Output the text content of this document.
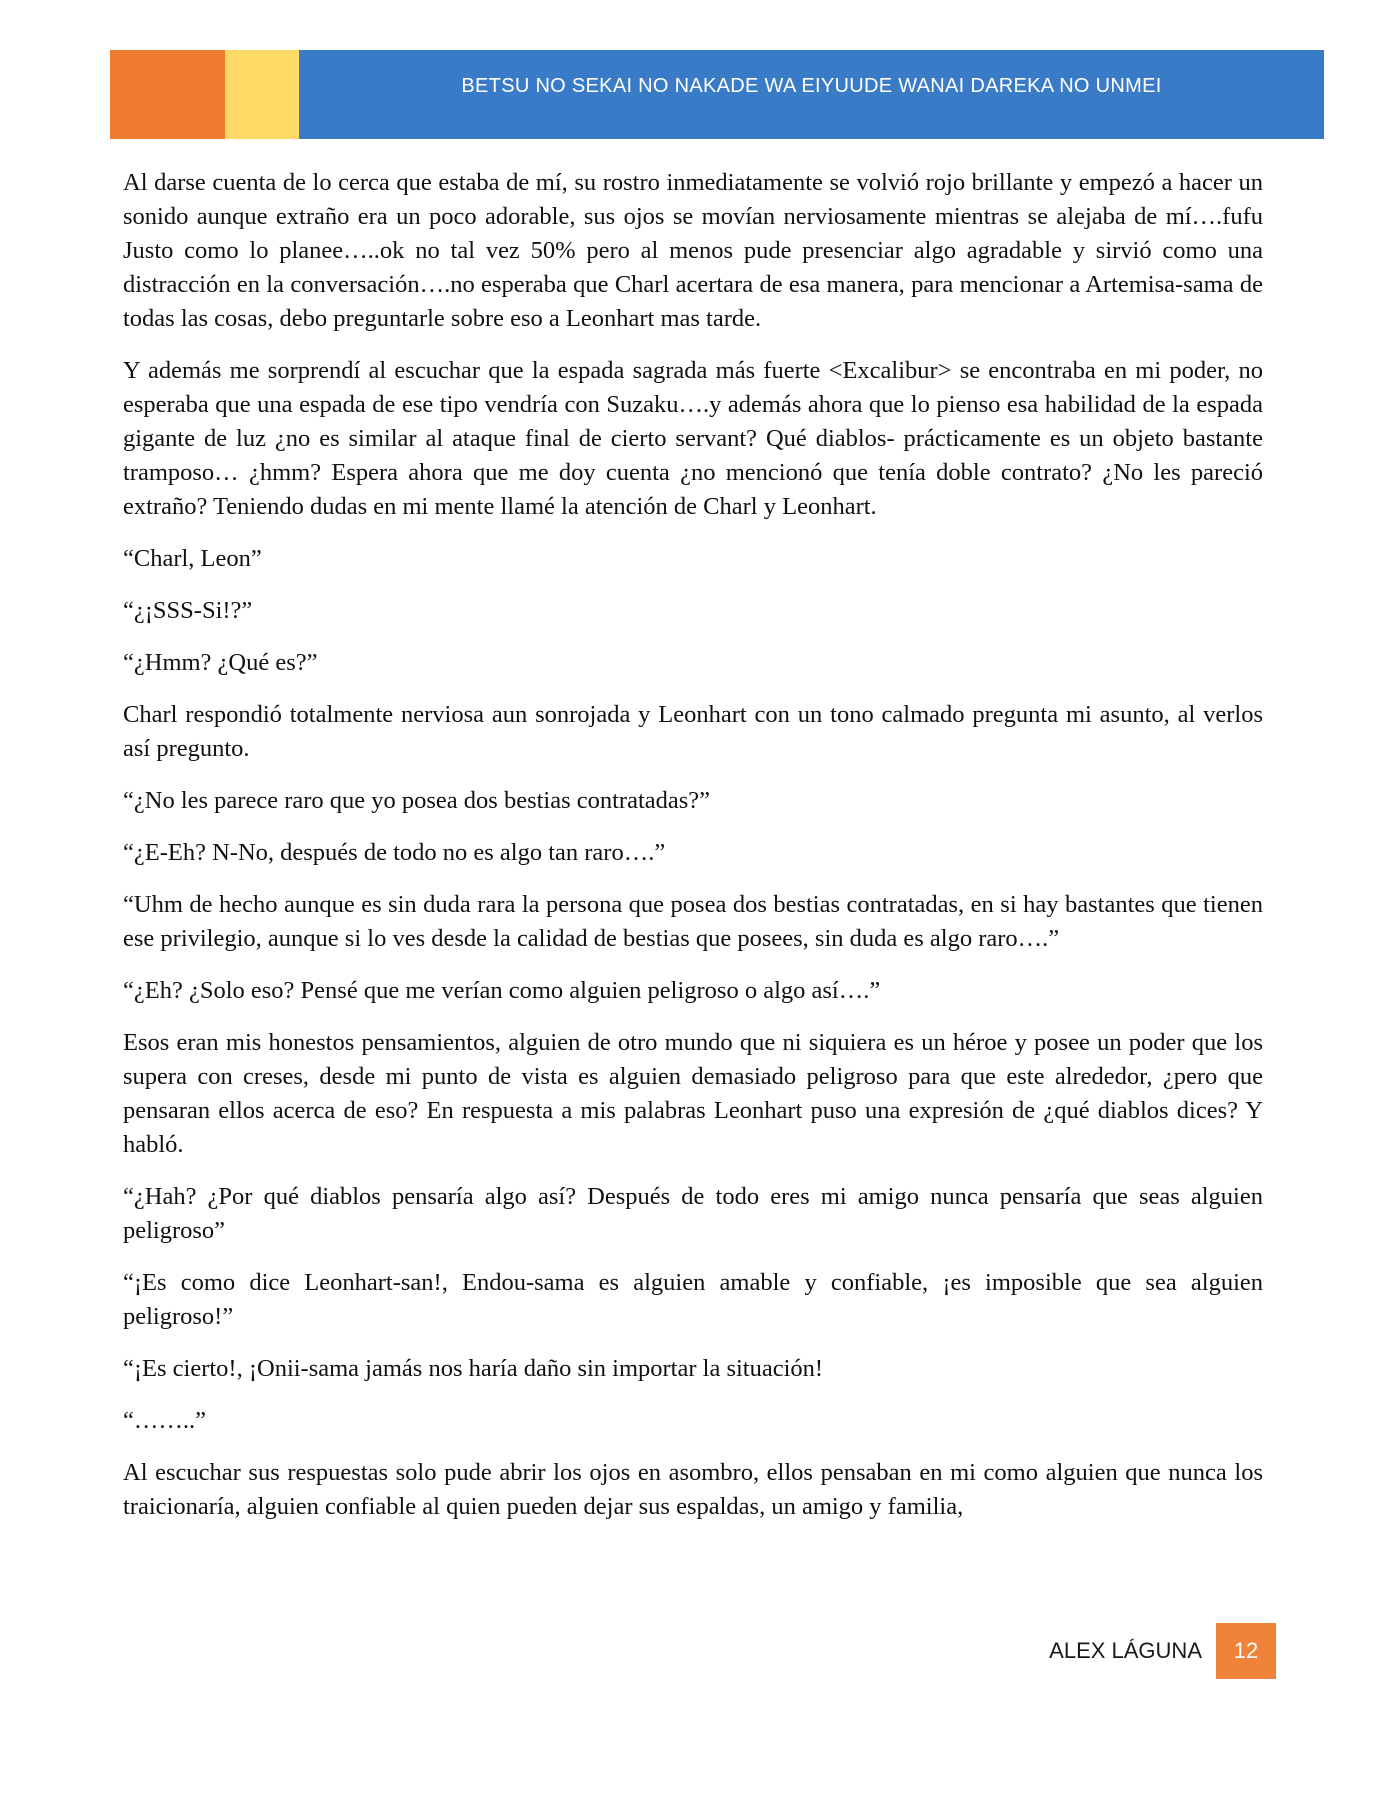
BETSU NO SEKAI NO NAKADE WA EIYUUDE WANAI DAREKA NO UNMEI

Al darse cuenta de lo cerca que estaba de mí, su rostro inmediatamente se volvió rojo brillante y empezó a hacer un sonido aunque extraño era un poco adorable, sus ojos se movían nerviosamente mientras se alejaba de mí….fufu Justo como lo planee…..ok no tal vez 50% pero al menos pude presenciar algo agradable y sirvió como una distracción en la conversación….no esperaba que Charl acertara de esa manera, para mencionar a Artemisa-sama de todas las cosas, debo preguntarle sobre eso a Leonhart mas tarde.

Y además me sorprendí al escuchar que la espada sagrada más fuerte <Excalibur> se encontraba en mi poder, no esperaba que una espada de ese tipo vendría con Suzaku….y además ahora que lo pienso esa habilidad de la espada gigante de luz ¿no es similar al ataque final de cierto servant? Qué diablos- prácticamente es un objeto bastante tramposo… ¿hmm? Espera ahora que me doy cuenta ¿no mencionó que tenía doble contrato? ¿No les pareció extraño? Teniendo dudas en mi mente llamé la atención de Charl y Leonhart.

“Charl, Leon”

“¿¡SSS-Si!?”

“¿Hmm? ¿Qué es?”

Charl respondió totalmente nerviosa aun sonrojada y Leonhart con un tono calmado pregunta mi asunto, al verlos así pregunto.

“¿No les parece raro que yo posea dos bestias contratadas?”

“¿E-Eh? N-No, después de todo no es algo tan raro….”

“Uhm de hecho aunque es sin duda rara la persona que posea dos bestias contratadas, en si hay bastantes que tienen ese privilegio, aunque si lo ves desde la calidad de bestias que posees, sin duda es algo raro….”

“¿Eh? ¿Solo eso? Pensé que me verían como alguien peligroso o algo así….”

Esos eran mis honestos pensamientos, alguien de otro mundo que ni siquiera es un héroe y posee un poder que los supera con creses, desde mi punto de vista es alguien demasiado peligroso para que este alrededor, ¿pero que pensaran ellos acerca de eso? En respuesta a mis palabras Leonhart puso una expresión de ¿qué diablos dices? Y habló.

“¿Hah? ¿Por qué diablos pensaría algo así? Después de todo eres mi amigo nunca pensaría que seas alguien peligroso”

“¡Es como dice Leonhart-san!, Endou-sama es alguien amable y confiable, ¡es imposible que sea alguien peligroso!”

“¡Es cierto!, ¡Onii-sama jamás nos haría daño sin importar la situación!

“……..”

Al escuchar sus respuestas solo pude abrir los ojos en asombro, ellos pensaban en mi como alguien que nunca los traicionaría, alguien confiable al quien pueden dejar sus espaldas, un amigo y familia,

ALEX LÁGUNA	12
